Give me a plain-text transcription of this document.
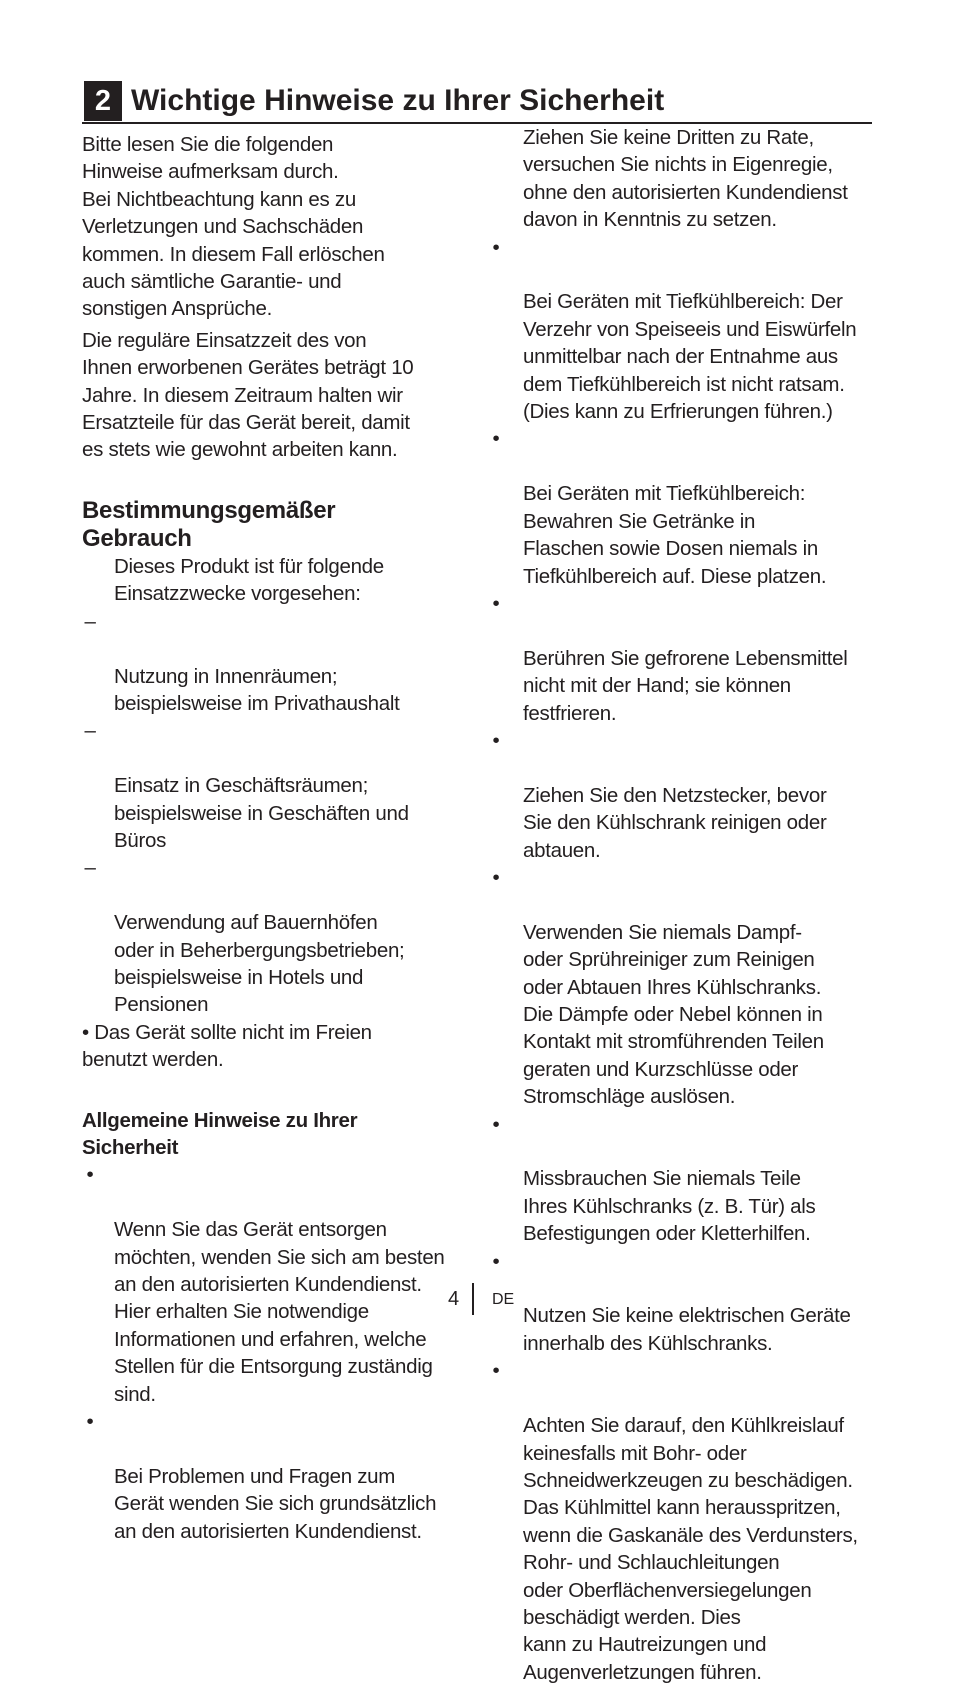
2 Wichtige Hinweise zu Ihrer Sicherheit

Bitte lesen Sie die folgenden
Hinweise aufmerksam durch.
Bei Nichtbeachtung kann es zu
Verletzungen und Sachschäden
kommen. In diesem Fall erlöschen
auch sämtliche Garantie- und
sonstigen Ansprüche.

Die reguläre Einsatzzeit des von
Ihnen erworbenen Gerätes beträgt 10
Jahre. In diesem Zeitraum halten wir
Ersatzteile für das Gerät bereit, damit
es stets wie gewohnt arbeiten kann.

Bestimmungsgemäßer
Gebrauch
Dieses Produkt ist für folgende
Einsatzzwecke vorgesehen:

–

Nutzung in Innenräumen;
beispielsweise im Privathaushalt

–

Einsatz in Geschäftsräumen;
beispielsweise in Geschäften und
Büros

–

Verwendung auf Bauernhöfen
oder in Beherbergungsbetrieben;
beispielsweise in Hotels und
Pensionen

• Das Gerät sollte nicht im Freien
benutzt werden.

Allgemeine Hinweise zu Ihrer
Sicherheit

•

Wenn Sie das Gerät entsorgen
möchten, wenden Sie sich am besten
an den autorisierten Kundendienst.
Hier erhalten Sie notwendige
Informationen und erfahren, welche
Stellen für die Entsorgung zuständig
sind.

•

Bei Problemen und Fragen zum
Gerät wenden Sie sich grundsätzlich
an den autorisierten Kundendienst.

Ziehen Sie keine Dritten zu Rate,
versuchen Sie nichts in Eigenregie,
ohne den autorisierten Kundendienst
davon in Kenntnis zu setzen.

•

Bei Geräten mit Tiefkühlbereich: Der
Verzehr von Speiseeis und Eiswürfeln
unmittelbar nach der Entnahme aus
dem Tiefkühlbereich ist nicht ratsam.
(Dies kann zu Erfrierungen führen.)

•

Bei Geräten mit Tiefkühlbereich:
Bewahren Sie Getränke in
Flaschen sowie Dosen niemals in
Tiefkühlbereich auf. Diese platzen.

•

Berühren Sie gefrorene Lebensmittel
nicht mit der Hand; sie können
festfrieren.

•

Ziehen Sie den Netzstecker, bevor
Sie den Kühlschrank reinigen oder
abtauen.

•

Verwenden Sie niemals Dampf-
oder Sprühreiniger zum Reinigen
oder Abtauen Ihres Kühlschranks.
Die Dämpfe oder Nebel können in
Kontakt mit stromführenden Teilen
geraten und Kurzschlüsse oder
Stromschläge auslösen.

•

Missbrauchen Sie niemals Teile
Ihres Kühlschranks (z. B. Tür) als
Befestigungen oder Kletterhilfen.

•

Nutzen Sie keine elektrischen Geräte
innerhalb des Kühlschranks.

•

Achten Sie darauf, den Kühlkreislauf
keinesfalls mit Bohr- oder
Schneidwerkzeugen zu beschädigen.
Das Kühlmittel kann herausspritzen,
wenn die Gaskanäle des Verdunsters,
Rohr- und Schlauchleitungen
oder Oberflächenversiegelungen
beschädigt werden. Dies
kann zu Hautreizungen und
Augenverletzungen führen.

4 DE
